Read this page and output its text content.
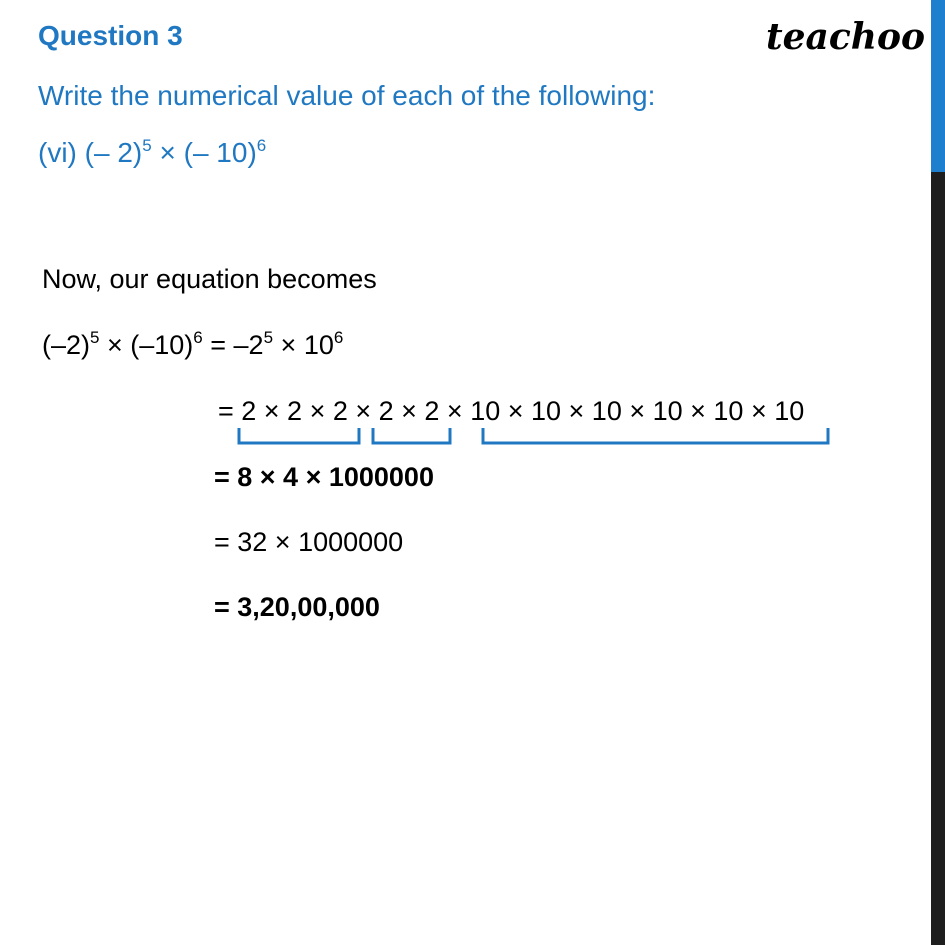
Question 3	teachoo
Write the numerical value of each of the following:
(vi) (– 2)$^5$ × (– 10)$^6$
Now, our equation becomes
$(-2)^5 \times (-10)^6 = -2^5 \times 10^6$
= 2 × 2 × 2 × 2 × 2 × 10 × 10 × 10 × 10 × 10 × 10
= 8 × 4 × 1000000
= 32 × 1000000
= 3,20,00,000
